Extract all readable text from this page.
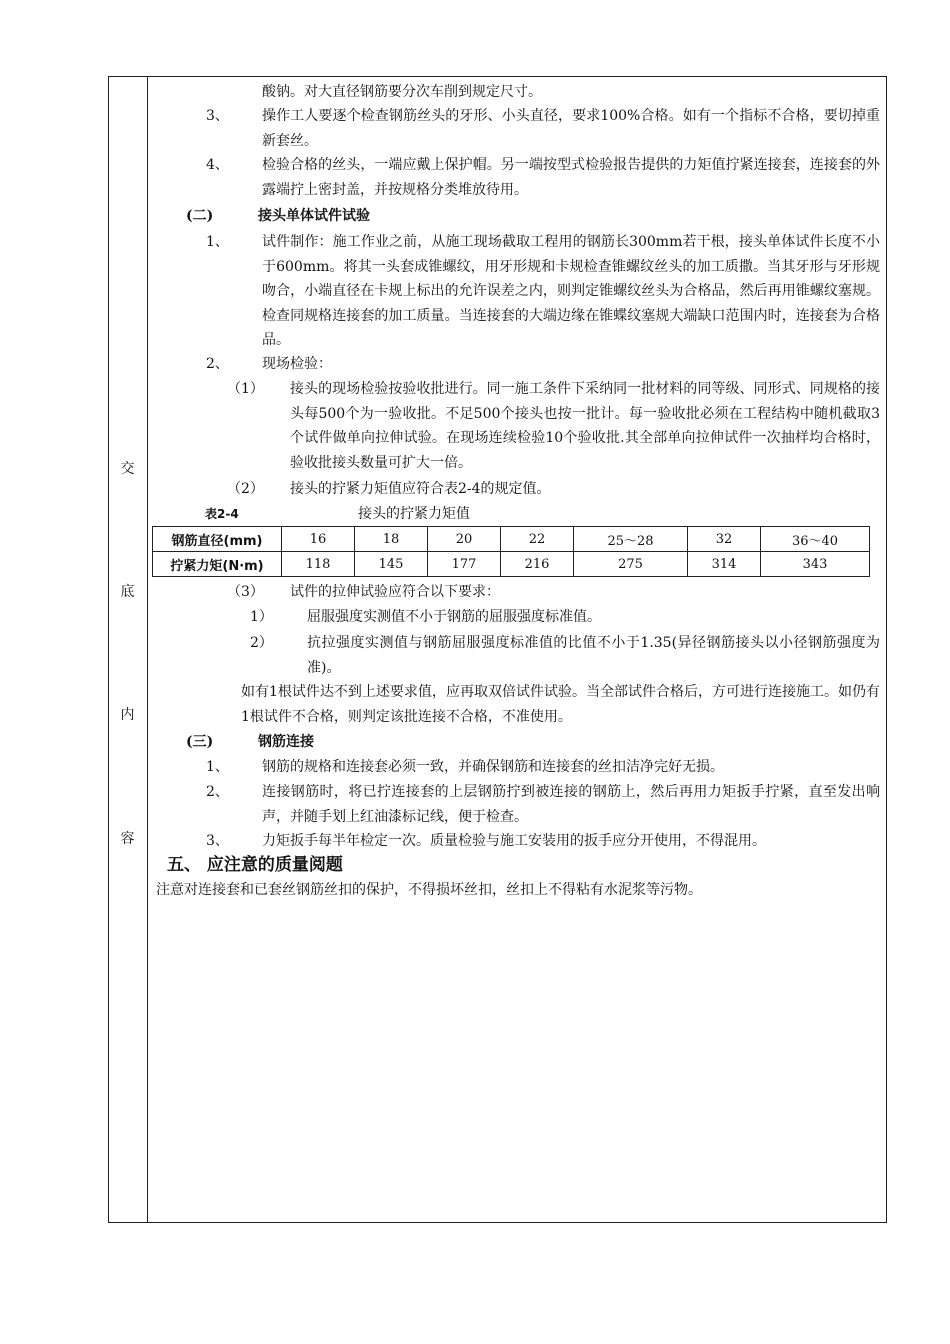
交
底
内
容
酸钠。对大直径钢筋要分次车削到规定尺寸。
3、 操作工人要逐个检查钢筋丝头的牙形、小头直径，要求100%合格。如有一个指标不合格，要切掉重新套丝。
4、 检验合格的丝头，一端应戴上保护帽。另一端按型式检验报告提供的力矩值拧紧连接套，连接套的外露端拧上密封盖，并按规格分类堆放待用。
(二)	接头单体试件试验
1、 试件制作：施工作业之前，从施工现场截取工程用的钢筋长300mm若干根，接头单体试件长度不小于600mm。将其一头套成锥螺纹，用牙形规和卡规检查锥螺纹丝头的加工质撒。当其牙形与牙形规吻合，小端直径在卡规上标出的允许误差之内，则判定锥螺纹丝头为合格品，然后再用锥螺纹塞规。检查同规格连接套的加工质量。当连接套的大端边缘在锥蝶纹塞规大端缺口范围内时，连接套为合格品。
2、 现场检验：
（1） 接头的现场检验按验收批进行。同一施工条件下采纳同一批材料的同等级、同形式、同规格的接头每500个为一验收批。不足500个接头也按一批计。每一验收批必须在工程结构中随机截取3个试件做单向拉伸试验。在现场连续检验10个验收批.其全部单向拉伸试件一次抽样均合格时，验收批接头数量可扩大一倍。
（2） 接头的拧紧力矩值应符合表2-4的规定值。
表2-4	接头的拧紧力矩值
钢筋直径(mm)	16	18	20	22	25～28	32	36～40
拧紧力矩(N·m)	118	145	177	216	275	314	343
（3） 试件的拉伸试验应符合以下要求：
1） 屈服强度实测值不小于钢筋的屈服强度标准值。
2） 抗拉强度实测值与钢筋屈服强度标准值的比值不小于1.35(异径钢筋接头以小径钢筋强度为准)。
如有1根试件达不到上述要求值，应再取双倍试件试验。当全部试件合格后，方可进行连接施工。如仍有1根试件不合格，则判定该批连接不合格，不准使用。
(三)	钢筋连接
1、 钢筋的规格和连接套必须一致，并确保钢筋和连接套的丝扣洁净完好无损。
2、 连接钢筋时，将已拧连接套的上层钢筋拧到被连接的钢筋上，然后再用力矩扳手拧紧，直至发出响声，并随手划上红油漆标记线，便于检查。
3、 力矩扳手每半年检定一次。质量检验与施工安装用的扳手应分开使用，不得混用。
五、 应注意的质量阅题
注意对连接套和已套丝钢筋丝扣的保护，不得损坏丝扣，丝扣上不得粘有水泥浆等污物。
